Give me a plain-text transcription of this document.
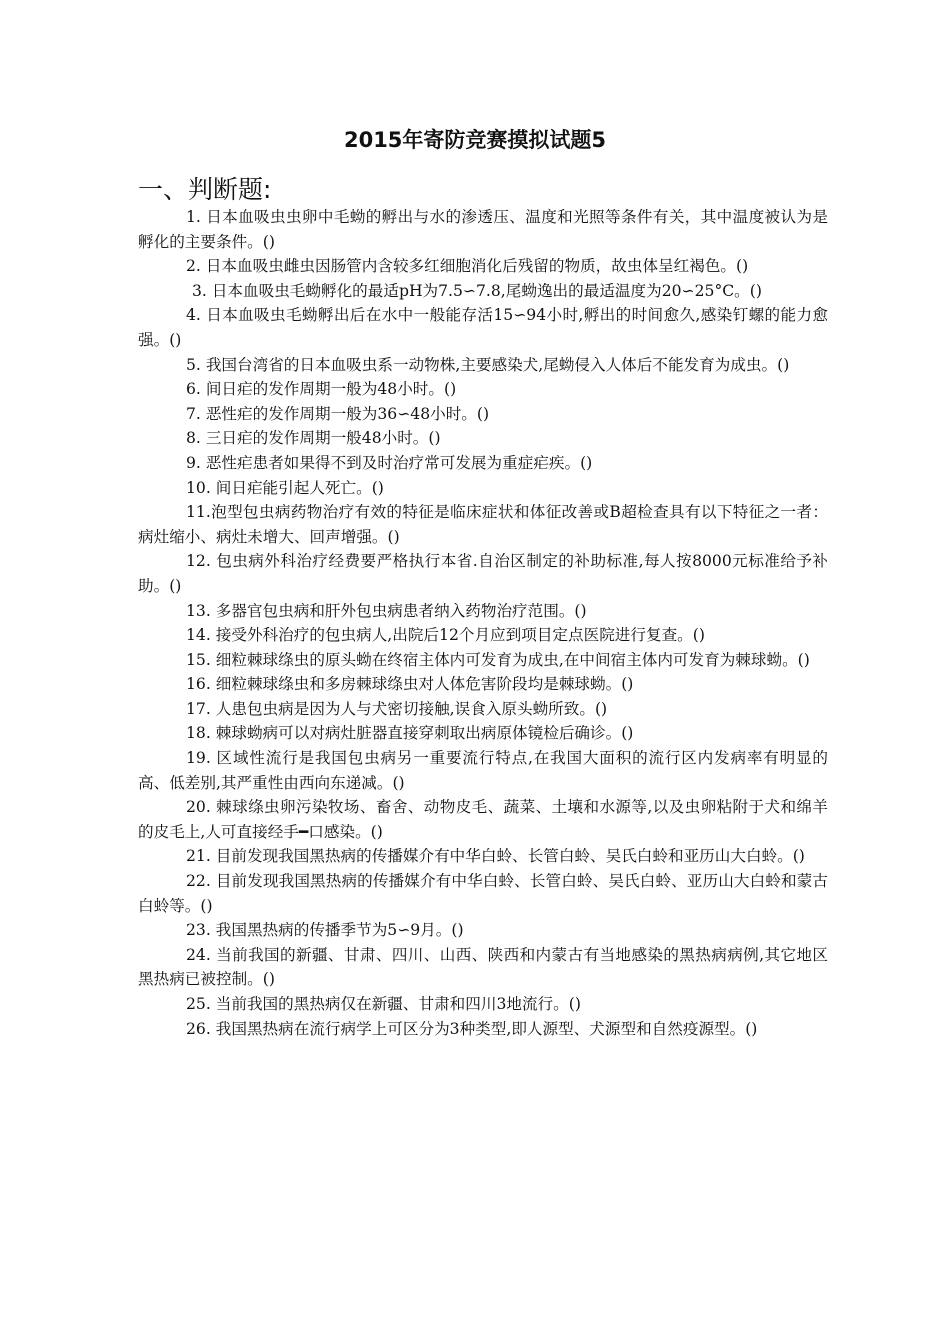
2015年寄防竞赛摸拟试题5
一、判断题:

1. 日本血吸虫虫卵中毛蚴的孵出与水的渗透压、温度和光照等条件有关，其中温度被认为是孵化的主要条件。()

2. 日本血吸虫雌虫因肠管内含较多红细胞消化后残留的物质，故虫体呈红褐色。()

3. 日本血吸虫毛蚴孵化的最适pH为7.5∽7.8,尾蚴逸出的最适温度为20∽25°C。()

4. 日本血吸虫毛蚴孵出后在水中一般能存活15∽94小时,孵出的时间愈久,感染钉螺的能力愈强。()

5. 我国台湾省的日本血吸虫系一动物株,主要感染犬,尾蚴侵入人体后不能发育为成虫。()

6. 间日疟的发作周期一般为48小时。()

7. 恶性疟的发作周期一般为36∽48小时。()

8. 三日疟的发作周期一般48小时。()

9. 恶性疟患者如果得不到及时治疗常可发展为重症疟疾。()

10. 间日疟能引起人死亡。()

11.泡型包虫病药物治疗有效的特征是临床症状和体征改善或B超检查具有以下特征之一者：病灶缩小、病灶未增大、回声增强。()

12. 包虫病外科治疗经费要严格执行本省.自治区制定的补助标准,每人按8000元标准给予补助。()

13. 多器官包虫病和肝外包虫病患者纳入药物治疗范围。()

14. 接受外科治疗的包虫病人,出院后12个月应到项目定点医院进行复查。()

15. 细粒棘球绦虫的原头蚴在终宿主体内可发育为成虫,在中间宿主体内可发育为棘球蚴。()

16. 细粒棘球绦虫和多房棘球绦虫对人体危害阶段均是棘球蚴。()

17. 人患包虫病是因为人与犬密切接触,误食入原头蚴所致。()

18. 棘球蚴病可以对病灶脏器直接穿刺取出病原体镜检后确诊。()

19. 区域性流行是我国包虫病另一重要流行特点,在我国大面积的流行区内发病率有明显的高、低差别,其严重性由西向东递减。()

20. 棘球绦虫卵污染牧场、畜舍、动物皮毛、蔬菜、土壤和水源等,以及虫卵粘附于犬和绵羊的皮毛上,人可直接经手━口感染。()

21. 目前发现我国黑热病的传播媒介有中华白蛉、长管白蛉、吴氏白蛉和亚历山大白蛉。()

22. 目前发现我国黑热病的传播媒介有中华白蛉、长管白蛉、吴氏白蛉、亚历山大白蛉和蒙古白蛉等。()

23. 我国黑热病的传播季节为5∽9月。()

24. 当前我国的新疆、甘肃、四川、山西、陕西和内蒙古有当地感染的黑热病病例,其它地区黑热病已被控制。()

25. 当前我国的黑热病仅在新疆、甘肃和四川3地流行。()

26. 我国黑热病在流行病学上可区分为3种类型,即人源型、犬源型和自然疫源型。()
